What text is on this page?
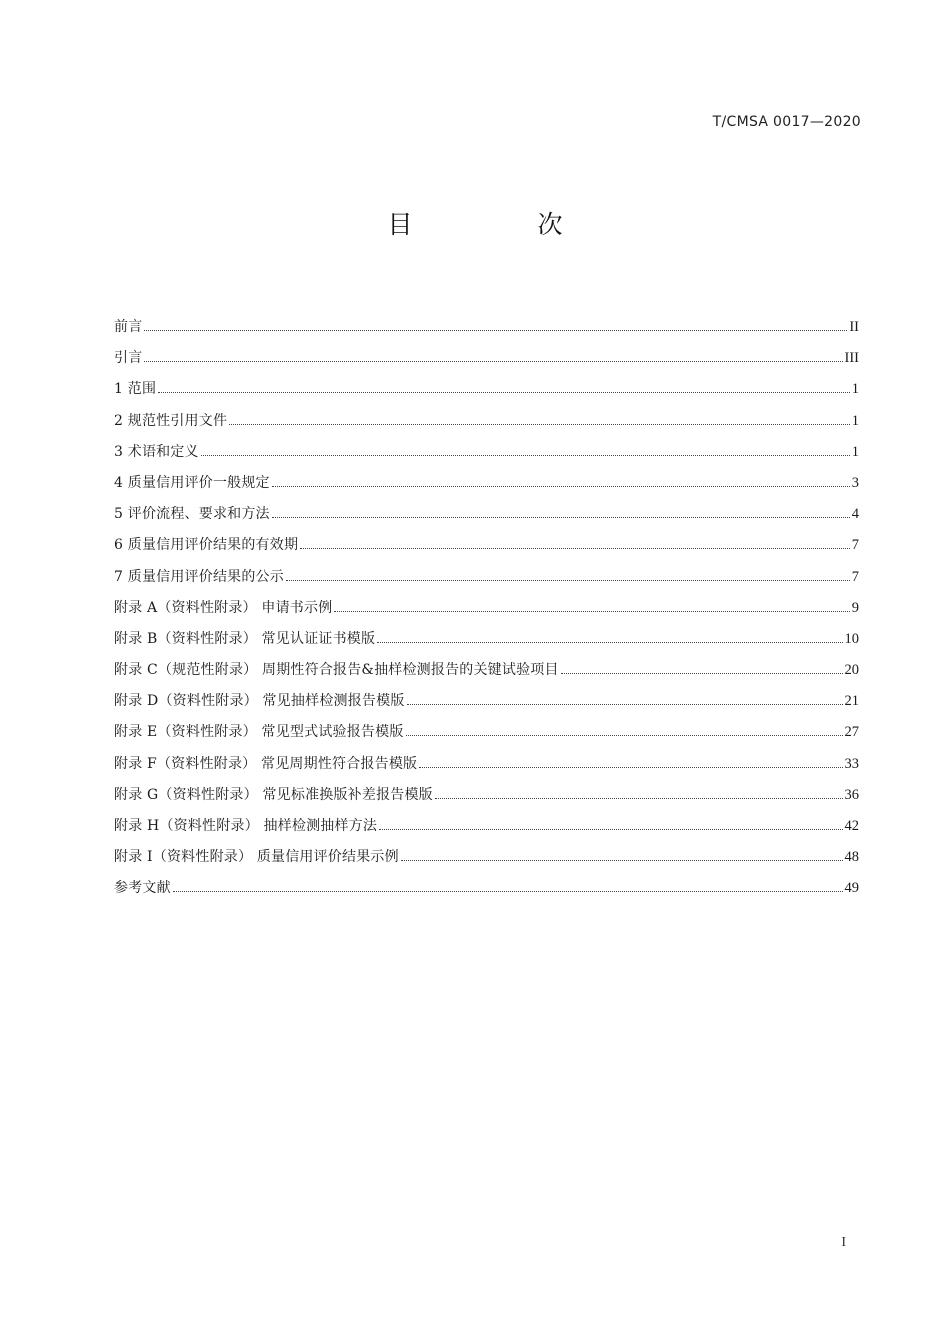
T/CMSA 0017—2020
目　次
前言	II
引言	III
1 范围	1
2 规范性引用文件	1
3 术语和定义	1
4 质量信用评价一般规定	3
5 评价流程、要求和方法	4
6 质量信用评价结果的有效期	7
7 质量信用评价结果的公示	7
附录 A（资料性附录） 申请书示例	9
附录 B（资料性附录） 常见认证证书模版	10
附录 C（规范性附录） 周期性符合报告&抽样检测报告的关键试验项目	20
附录 D（资料性附录） 常见抽样检测报告模版	21
附录 E（资料性附录） 常见型式试验报告模版	27
附录 F（资料性附录） 常见周期性符合报告模版	33
附录 G（资料性附录） 常见标准换版补差报告模版	36
附录 H（资料性附录） 抽样检测抽样方法	42
附录 I（资料性附录） 质量信用评价结果示例	48
参考文献	49
I
